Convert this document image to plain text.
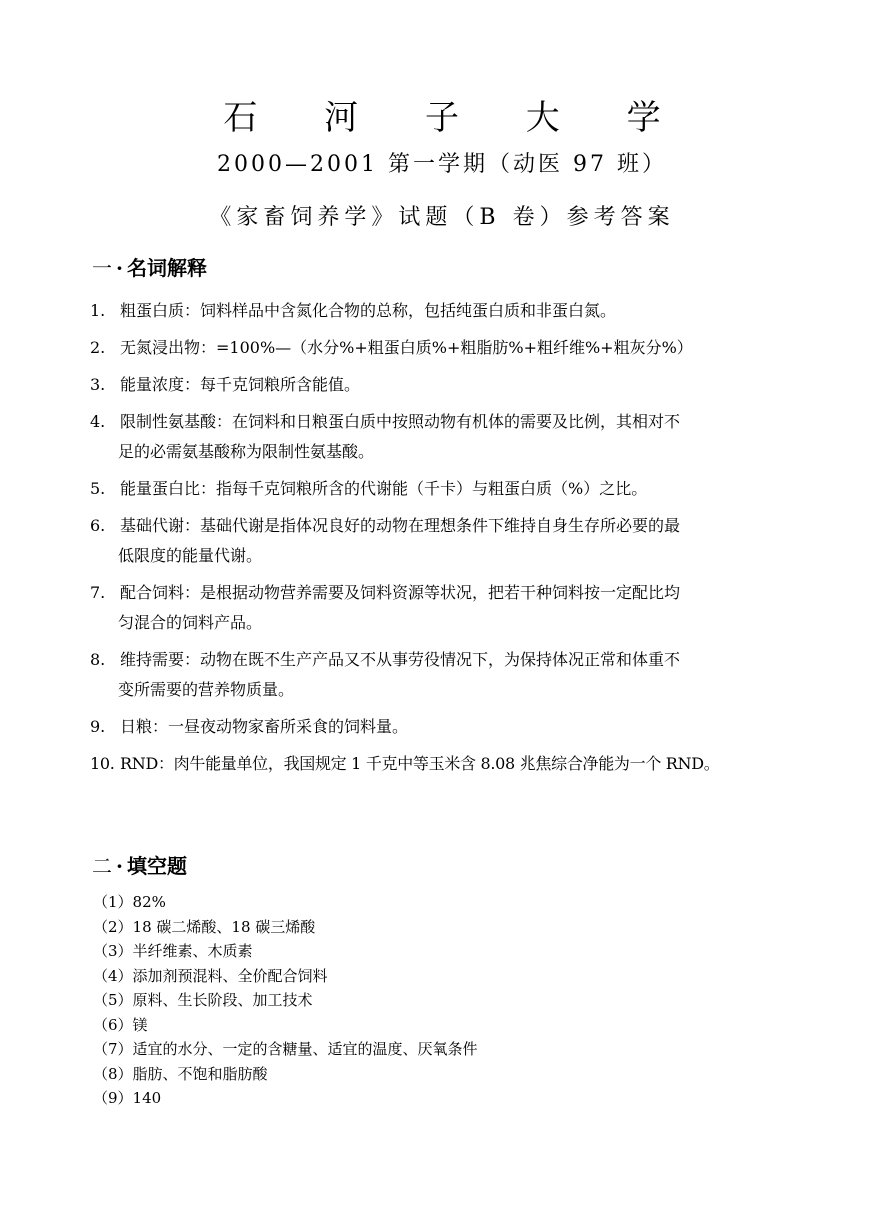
石 河 子 大 学
2000—2001 第一学期（动医 97 班）
《家畜饲养学》试题（B 卷）参考答案
一 · 名词解释
1. 粗蛋白质：饲料样品中含氮化合物的总称，包括纯蛋白质和非蛋白氮。
2. 无氮浸出物：=100%—（水分%+粗蛋白质%+粗脂肪%+粗纤维%+粗灰分%）
3. 能量浓度：每千克饲粮所含能值。
4. 限制性氨基酸：在饲料和日粮蛋白质中按照动物有机体的需要及比例，其相对不
足的必需氨基酸称为限制性氨基酸。
5. 能量蛋白比：指每千克饲粮所含的代谢能（千卡）与粗蛋白质（%）之比。
6. 基础代谢：基础代谢是指体况良好的动物在理想条件下维持自身生存所必要的最
低限度的能量代谢。
7. 配合饲料：是根据动物营养需要及饲料资源等状况，把若干种饲料按一定配比均
匀混合的饲料产品。
8. 维持需要：动物在既不生产产品又不从事劳役情况下，为保持体况正常和体重不
变所需要的营养物质量。
9. 日粮：一昼夜动物家畜所采食的饲料量。
10. RND：肉牛能量单位，我国规定 1 千克中等玉米含 8.08 兆焦综合净能为一个 RND。
二 · 填空题
（1）82%
（2）18 碳二烯酸、18 碳三烯酸
（3）半纤维素、木质素
（4）添加剂预混料、全价配合饲料
（5）原料、生长阶段、加工技术
（6）镁
（7）适宜的水分、一定的含糖量、适宜的温度、厌氧条件
（8）脂肪、不饱和脂肪酸
（9）140
